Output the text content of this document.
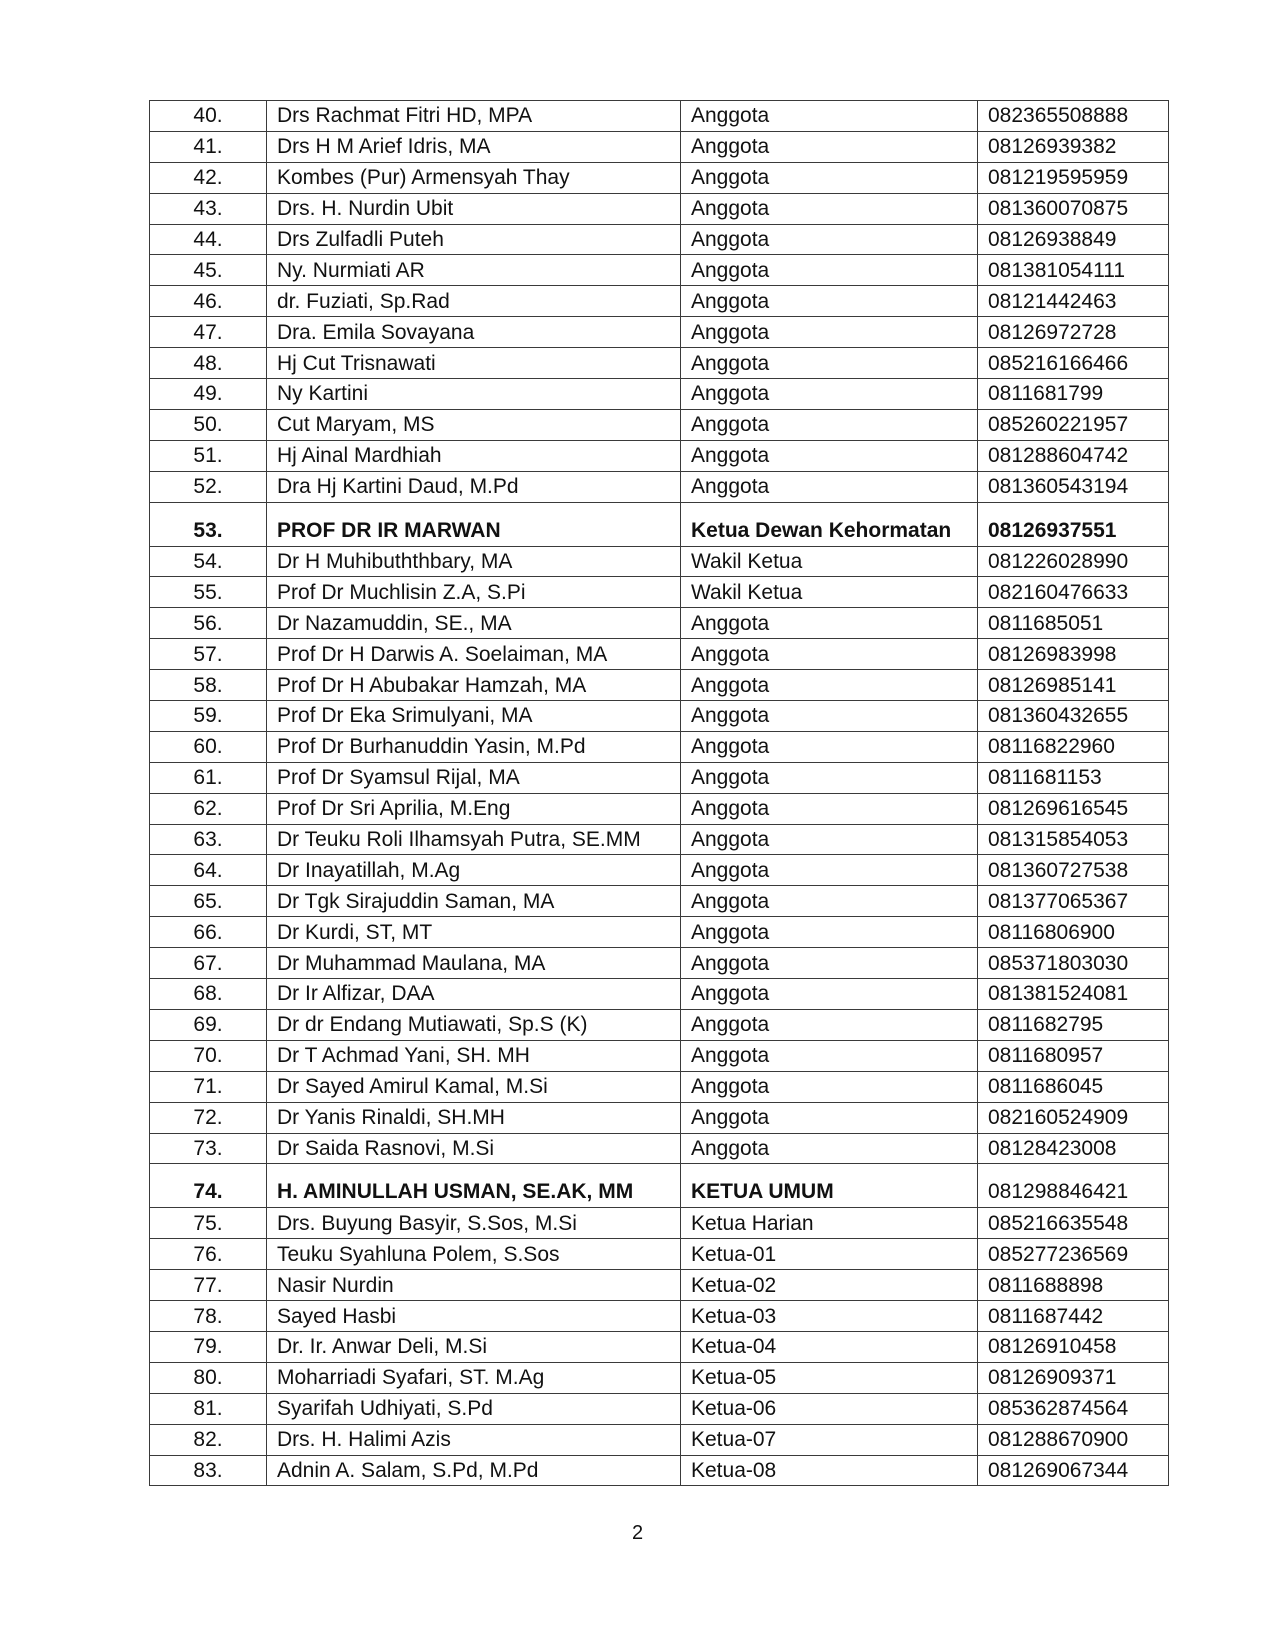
40.	Drs Rachmat Fitri HD, MPA	Anggota	082365508888
41.	Drs H M Arief Idris, MA	Anggota	08126939382
42.	Kombes (Pur) Armensyah Thay	Anggota	081219595959
43.	Drs. H. Nurdin Ubit	Anggota	081360070875
44.	Drs Zulfadli Puteh	Anggota	08126938849
45.	Ny. Nurmiati AR	Anggota	081381054111
46.	dr. Fuziati, Sp.Rad	Anggota	08121442463
47.	Dra. Emila Sovayana	Anggota	08126972728
48.	Hj Cut Trisnawati	Anggota	085216166466
49.	Ny Kartini	Anggota	0811681799
50.	Cut Maryam, MS	Anggota	085260221957
51.	Hj Ainal Mardhiah	Anggota	081288604742
52.	Dra Hj Kartini Daud, M.Pd	Anggota	081360543194
53.	PROF DR IR MARWAN	Ketua Dewan Kehormatan	08126937551
54.	Dr H Muhibuththbary, MA	Wakil Ketua	081226028990
55.	Prof Dr Muchlisin Z.A, S.Pi	Wakil Ketua	082160476633
56.	Dr Nazamuddin, SE., MA	Anggota	0811685051
57.	Prof Dr H Darwis A. Soelaiman, MA	Anggota	08126983998
58.	Prof Dr H Abubakar Hamzah, MA	Anggota	08126985141
59.	Prof Dr Eka Srimulyani, MA	Anggota	081360432655
60.	Prof Dr Burhanuddin Yasin, M.Pd	Anggota	08116822960
61.	Prof Dr Syamsul Rijal, MA	Anggota	0811681153
62.	Prof Dr Sri Aprilia, M.Eng	Anggota	081269616545
63.	Dr Teuku Roli Ilhamsyah Putra, SE.MM	Anggota	081315854053
64.	Dr Inayatillah, M.Ag	Anggota	081360727538
65.	Dr Tgk Sirajuddin Saman, MA	Anggota	081377065367
66.	Dr Kurdi, ST, MT	Anggota	08116806900
67.	Dr Muhammad Maulana, MA	Anggota	085371803030
68.	Dr Ir Alfizar, DAA	Anggota	081381524081
69.	Dr dr Endang Mutiawati, Sp.S (K)	Anggota	0811682795
70.	Dr T Achmad Yani, SH. MH	Anggota	0811680957
71.	Dr Sayed Amirul Kamal, M.Si	Anggota	0811686045
72.	Dr Yanis Rinaldi, SH.MH	Anggota	082160524909
73.	Dr Saida Rasnovi, M.Si	Anggota	08128423008
74.	H. AMINULLAH USMAN, SE.AK, MM	KETUA UMUM	081298846421
75.	Drs. Buyung Basyir, S.Sos, M.Si	Ketua Harian	085216635548
76.	Teuku Syahluna Polem, S.Sos	Ketua-01	085277236569
77.	Nasir Nurdin	Ketua-02	0811688898
78.	Sayed Hasbi	Ketua-03	0811687442
79.	Dr. Ir. Anwar Deli, M.Si	Ketua-04	08126910458
80.	Moharriadi Syafari, ST. M.Ag	Ketua-05	08126909371
81.	Syarifah Udhiyati, S.Pd	Ketua-06	085362874564
82.	Drs. H. Halimi Azis	Ketua-07	081288670900
83.	Adnin A. Salam, S.Pd, M.Pd	Ketua-08	081269067344
2
